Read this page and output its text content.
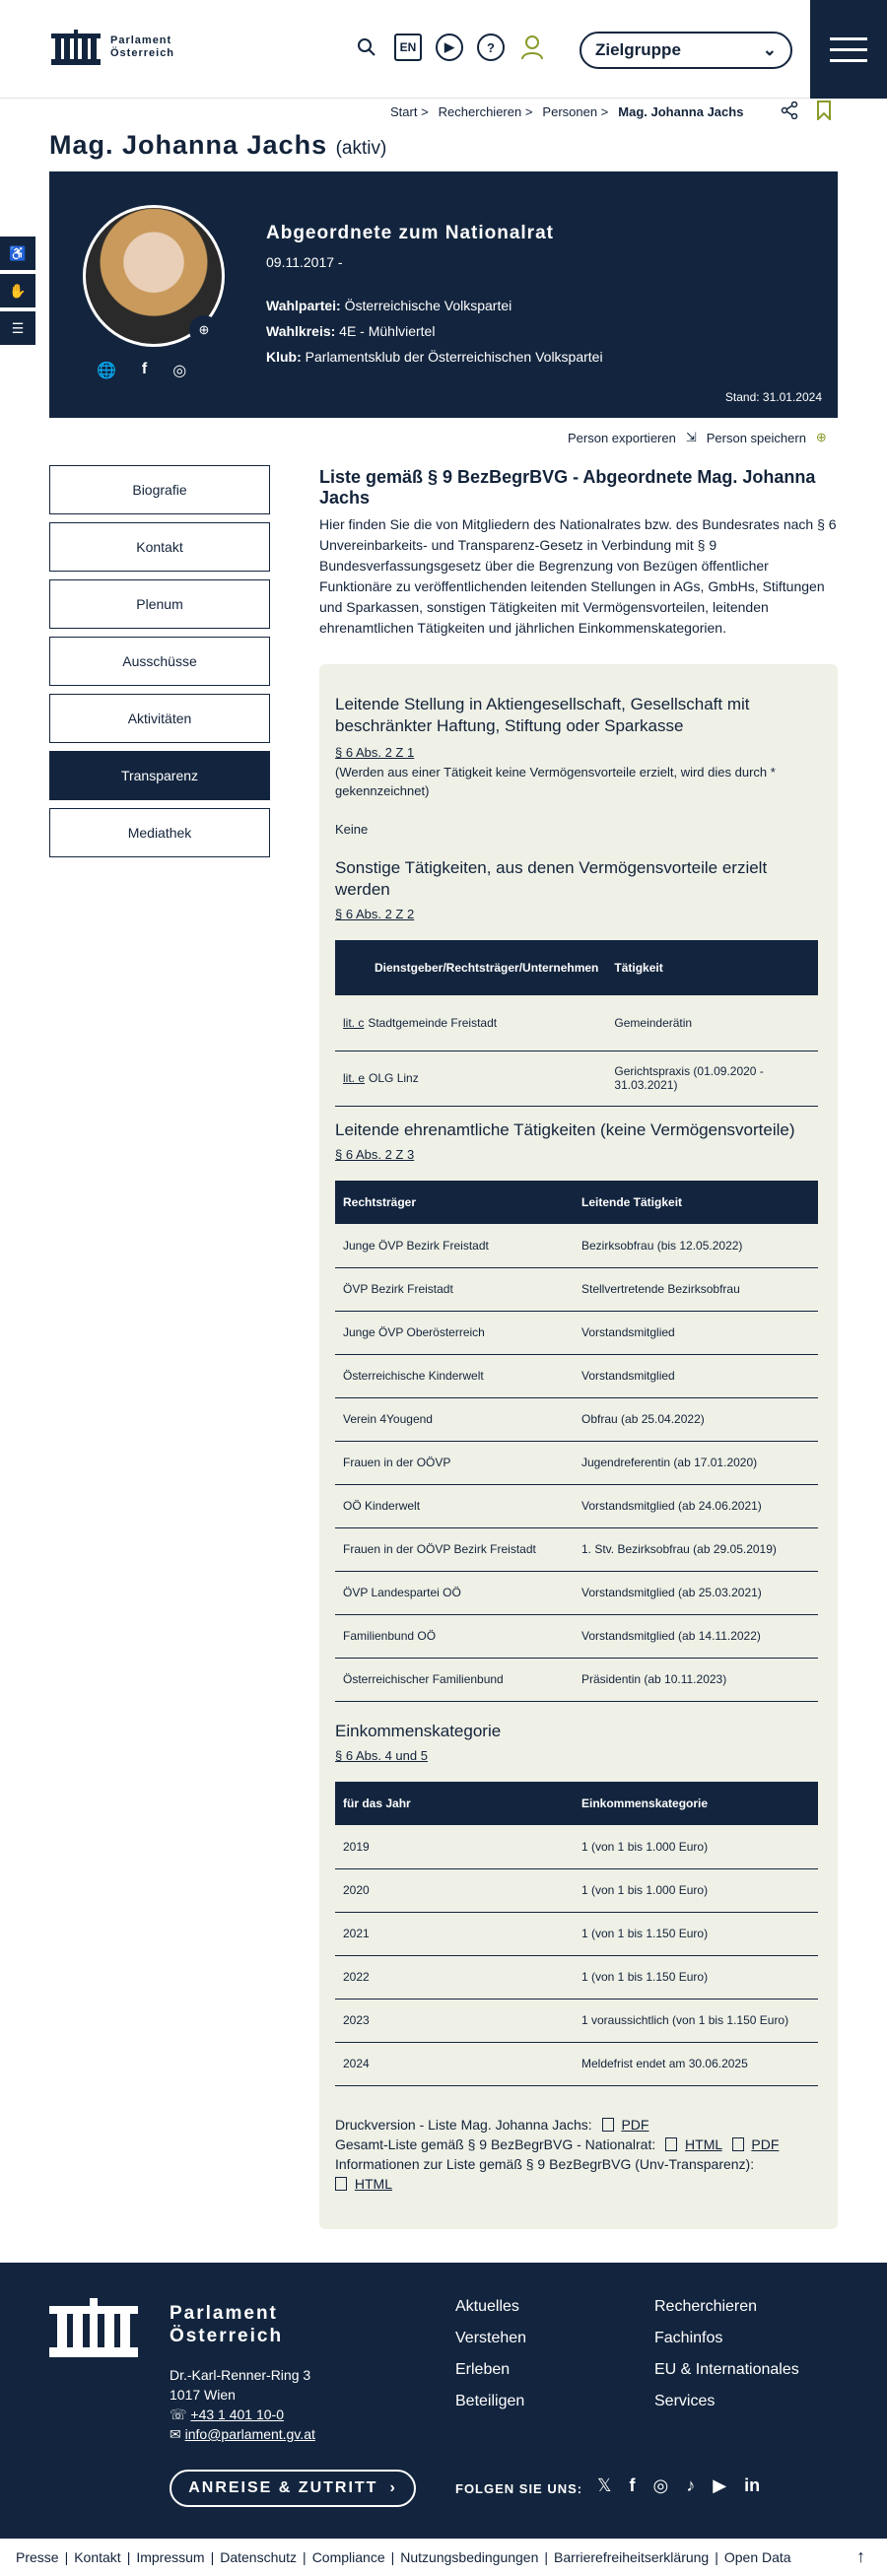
Parlament
Österreich	EN	▶	?	Zielgruppe	⌄
Start > Recherchieren > Personen > Mag. Johanna Jachs
Mag. Johanna Jachs (aktiv)
♿
✋
☰	⊕
🌐 f ◎
Abgeordnete zum Nationalrat
09.11.2017 -
Wahlpartei: Österreichische Volkspartei
Wahlkreis: 4E - Mühlviertel
Klub: Parlamentsklub der Österreichischen Volkspartei
Stand: 31.01.2024
Person exportieren ⇲ Person speichern ⊕
Biografie
Kontakt
Plenum
Ausschüsse
Aktivitäten
Transparenz
Mediathek
Liste gemäß § 9 BezBegrBVG - Abgeordnete Mag. Johanna Jachs
Hier finden Sie die von Mitgliedern des Nationalrates bzw. des Bundesrates nach § 6 Unvereinbarkeits- und Transparenz-Gesetz in Verbindung mit § 9 Bundesverfassungsgesetz über die Begrenzung von Bezügen öffentlicher Funktionäre zu veröffentlichenden leitenden Stellungen in AGs, GmbHs, Stiftungen und Sparkassen, sonstigen Tätigkeiten mit Vermögensvorteilen, leitenden ehrenamtlichen Tätigkeiten und jährlichen Einkommenskategorien.
Leitende Stellung in Aktiengesellschaft, Gesellschaft mit beschränkter Haftung, Stiftung oder Sparkasse
§ 6 Abs. 2 Z 1
(Werden aus einer Tätigkeit keine Vermögensvorteile erzielt, wird dies durch * gekennzeichnet)
Keine
Sonstige Tätigkeiten, aus denen Vermögensvorteile erzielt werden
§ 6 Abs. 2 Z 2
Dienstgeber/Rechtsträger/Unternehmen	Tätigkeit
lit. c Stadtgemeinde Freistadt	Gemeinderätin
lit. e OLG Linz	Gerichtspraxis (01.09.2020 - 31.03.2021)
Leitende ehrenamtliche Tätigkeiten (keine Vermögensvorteile)
§ 6 Abs. 2 Z 3
Rechtsträger	Leitende Tätigkeit
Junge ÖVP Bezirk Freistadt	Bezirksobfrau (bis 12.05.2022)
ÖVP Bezirk Freistadt	Stellvertretende Bezirksobfrau
Junge ÖVP Oberösterreich	Vorstandsmitglied
Österreichische Kinderwelt	Vorstandsmitglied
Verein 4Yougend	Obfrau (ab 25.04.2022)
Frauen in der OÖVP	Jugendreferentin (ab 17.01.2020)
OÖ Kinderwelt	Vorstandsmitglied (ab 24.06.2021)
Frauen in der OÖVP Bezirk Freistadt	1. Stv. Bezirksobfrau (ab 29.05.2019)
ÖVP Landespartei OÖ	Vorstandsmitglied (ab 25.03.2021)
Familienbund OÖ	Vorstandsmitglied (ab 14.11.2022)
Österreichischer Familienbund	Präsidentin (ab 10.11.2023)
Einkommenskategorie
§ 6 Abs. 4 und 5
für das Jahr	Einkommenskategorie
2019	1 (von 1 bis 1.000 Euro)
2020	1 (von 1 bis 1.000 Euro)
2021	1 (von 1 bis 1.150 Euro)
2022	1 (von 1 bis 1.150 Euro)
2023	1 voraussichtlich (von 1 bis 1.150 Euro)
2024	Meldefrist endet am 30.06.2025
Druckversion - Liste Mag. Johanna Jachs: PDF
Gesamt-Liste gemäß § 9 BezBegrBVG - Nationalrat: HTML PDF
Informationen zur Liste gemäß § 9 BezBegrBVG (Unv-Transparenz):
HTML
Parlament
Österreich
Dr.-Karl-Renner-Ring 3
1017 Wien
☏ +43 1 401 10-0
✉ info@parlament.gv.at
Aktuelles
Verstehen
Erleben
Beteiligen
Recherchieren
Fachinfos
EU & Internationales
Services
ANREISE & ZUTRITT ›	FOLGEN SIE UNS: 𝕏 f ◎ ♪ ▶ in
Presse | Kontakt | Impressum | Datenschutz | Compliance | Nutzungsbedingungen | Barrierefreiheitserklärung | Open Data	↑
